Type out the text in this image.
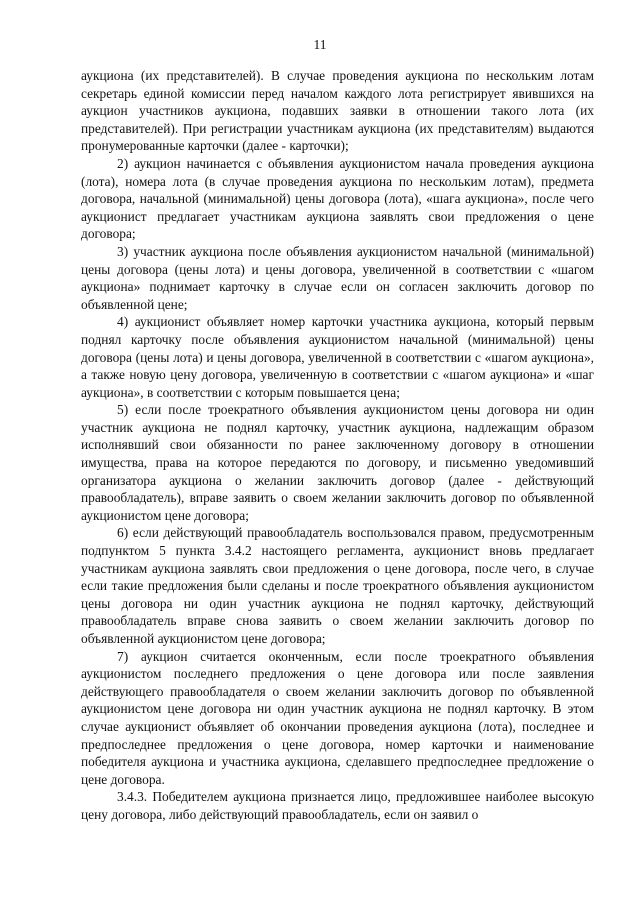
11

аукциона (их представителей). В случае проведения аукциона по нескольким лотам секретарь единой комиссии перед началом каждого лота регистрирует явившихся на аукцион участников аукциона, подавших заявки в отношении такого лота (их представителей). При регистрации участникам аукциона (их представителям) выдаются пронумерованные карточки (далее - карточки);

2) аукцион начинается с объявления аукционистом начала проведения аукциона (лота), номера лота (в случае проведения аукциона по нескольким лотам), предмета договора, начальной (минимальной) цены договора (лота), «шага аукциона», после чего аукционист предлагает участникам аукциона заявлять свои предложения о цене договора;

3) участник аукциона после объявления аукционистом начальной (минимальной) цены договора (цены лота) и цены договора, увеличенной в соответствии с «шагом аукциона» поднимает карточку в случае если он согласен заключить договор по объявленной цене;

4) аукционист объявляет номер карточки участника аукциона, который первым поднял карточку после объявления аукционистом начальной (минимальной) цены договора (цены лота) и цены договора, увеличенной в соответствии с «шагом аукциона», а также новую цену договора, увеличенную в соответствии с «шагом аукциона» и «шаг аукциона», в соответствии с которым повышается цена;

5) если после троекратного объявления аукционистом цены договора ни один участник аукциона не поднял карточку, участник аукциона, надлежащим образом исполнявший свои обязанности по ранее заключенному договору в отношении имущества, права на которое передаются по договору, и письменно уведомивший организатора аукциона о желании заключить договор (далее - действующий правообладатель), вправе заявить о своем желании заключить договор по объявленной аукционистом цене договора;

6) если действующий правообладатель воспользовался правом, предусмотренным подпунктом 5 пункта 3.4.2 настоящего регламента, аукционист вновь предлагает участникам аукциона заявлять свои предложения о цене договора, после чего, в случае если такие предложения были сделаны и после троекратного объявления аукционистом цены договора ни один участник аукциона не поднял карточку, действующий правообладатель вправе снова заявить о своем желании заключить договор по объявленной аукционистом цене договора;

7) аукцион считается оконченным, если после троекратного объявления аукционистом последнего предложения о цене договора или после заявления действующего правообладателя о своем желании заключить договор по объявленной аукционистом цене договора ни один участник аукциона не поднял карточку. В этом случае аукционист объявляет об окончании проведения аукциона (лота), последнее и предпоследнее предложения о цене договора, номер карточки и наименование победителя аукциона и участника аукциона, сделавшего предпоследнее предложение о цене договора.

3.4.3. Победителем аукциона признается лицо, предложившее наиболее высокую цену договора, либо действующий правообладатель, если он заявил о
